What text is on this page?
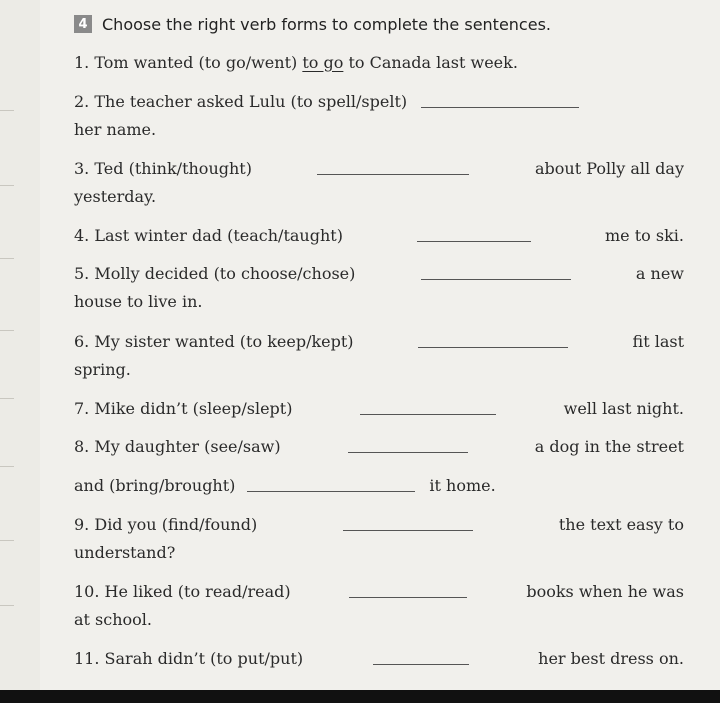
4 Choose the right verb forms to complete the sentences.
1.
Tom wanted (to go/went)
to go
to Canada last week.
2.
The teacher asked Lulu (to spell/spelt)
her name.
3. Ted (think/thought)	about Polly all day
yesterday.
4. Last winter dad (teach/taught)	me to ski.
5. Molly decided (to choose/chose)	a new
house to live in.
6. My sister wanted (to keep/kept)	fit last
spring.
7. Mike didn’t (sleep/slept)	well last night.
8. My daughter (see/saw)	a dog in the street
and (bring/brought)	it home.
9. Did you (find/found)	the text easy to
understand?
10. He liked (to read/read)	books when he was
at school.
11. Sarah didn’t (to put/put)	her best dress on.
